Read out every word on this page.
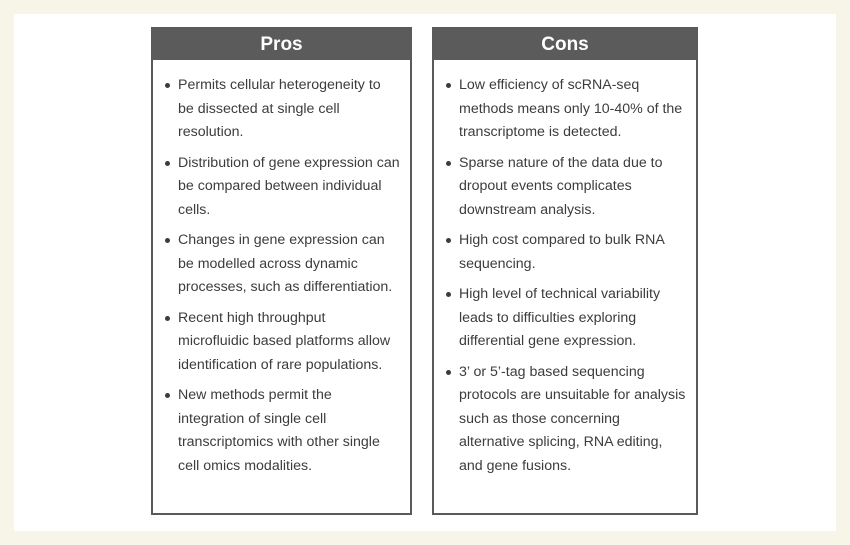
Pros
Permits cellular heterogeneity to be dissected at single cell resolution.
Distribution of gene expression can be compared between individual cells.
Changes in gene expression can be modelled across dynamic processes, such as differentiation.
Recent high throughput microfluidic based platforms allow identification of rare populations.
New methods permit the integration of single cell transcriptomics with other single cell omics modalities.
Cons
Low efficiency of scRNA-seq methods means only 10-40% of the transcriptome is detected.
Sparse nature of the data due to dropout events complicates downstream analysis.
High cost compared to bulk RNA sequencing.
High level of technical variability leads to difficulties exploring differential gene expression.
3’ or 5’-tag based sequencing protocols are unsuitable for analysis such as those concerning alternative splicing, RNA editing, and gene fusions.
